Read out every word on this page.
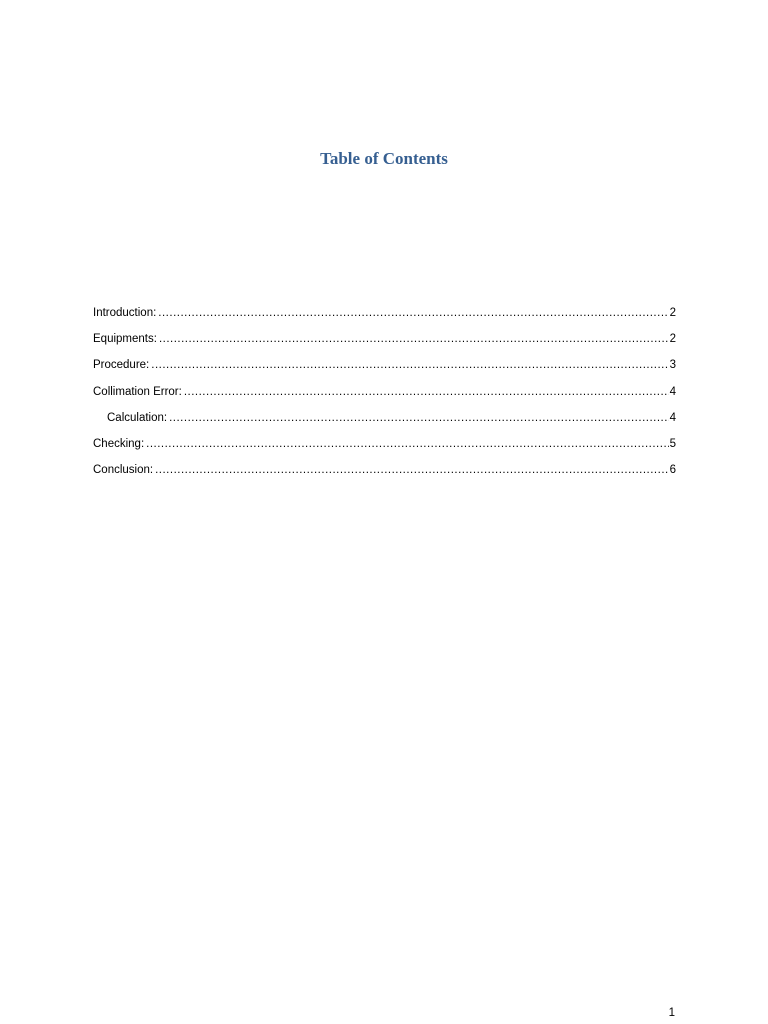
Table of Contents
Introduction: .....	2
Equipments: .....	2
Procedure: .....	3
Collimation Error: .....	4
Calculation: .....	4
Checking: .....	5
Conclusion: .....	6
1
